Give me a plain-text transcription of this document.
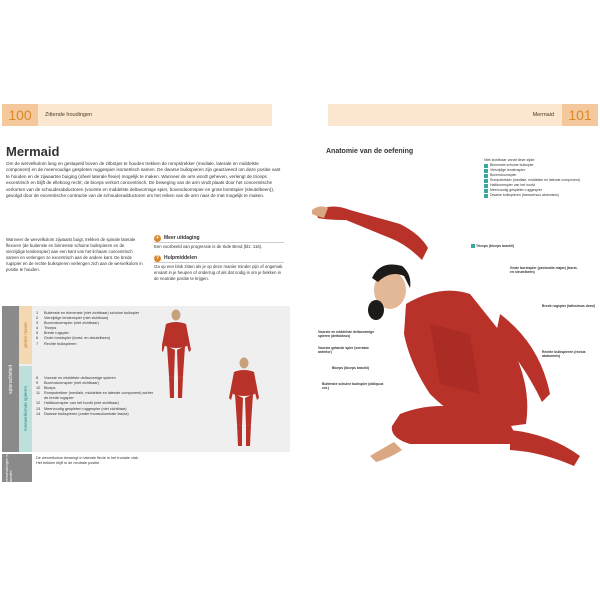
100	Zittende houdingen
Mermaid
Om de wervelkolom lang en gestapeld boven de zitbotjes te houden trekken de rompstrekker (mediale, laterale en middelste component) en de meervoudige gespleten ruggespier isometrisch samen. De dwarse buikspieren zijn geactiveerd om deze positie vast te houden en de zijwaartse buiging (ofwel laterale flexie) mogelijk te maken. Wanneer de arm wordt geheven, verlengt de triceps excentrisch en blijft de elleboog recht; de biceps verkort concentrisch. De beweging van de arm vindt plaats door het concentrische verkorten van de schouderabductoren (voorste en middelste deltavormige spier, bovendoornspier en grote borstspier (sleutelbeen)), gevolgd door de excentrische contractie van de schouderadductoren om het reiken van de arm naar de mat mogelijk te maken.
Wanneer de wervelkolom zijwaarts buigt, trekken de spinale laterale flexoren (de buitenste en binnenste schuine buikspieren en de vierzijdige lendenspier) aan een kant van het lichaam concentrisch samen en verlengen ze excentrisch aan de andere kant. De brede rugspier en de rechte buikspieren verlengen zich aan de wervelkolom in positie te houden.
+	Meer uitdaging
Een voorbeeld van progressie is de Side Bend (blz. 116).
? Hulpmiddelen
Ga op een blok zitten als je op deze manier minder pijn of ongemak ervaart in je heupen of onderrug of als dat nodig is om je bekken in de neutrale positie te krijgen.
spieractiviteit
prime mover
meewerkende spieren
verschuivingen in banden
1	Buitenste en binnenste (niet zichtbaar) schuine buikspier
2	Vierzijdige lendenspier (niet zichtbaar)
3	Bovendoornspier (niet zichtbaar)
4	Triceps
5	Brede rugspier
6	Grote borstspier (borst- en sleutelbeen)
7	Rechte buikspieren
8	Voorste en middelste deltavormige spieren
9	Bovendoornspier (niet zichtbaar)
10 Biceps
11	Rompstrekker (mediale, middelste en laterale component) achter de brede rugspier
12 Halfdoornspier van het hoofd (niet zichtbaar)
13 Meervoudig gespleten ruggespier (niet zichtbaar)
14 Dwarse buikspieren (onder thoracolumbale fascia)
De wervelkolom beweegt in laterale flexie in het frontale vlak.
Het bekken blijft in de neutrale positie.
101
Mermaid
Anatomie van de oefening
Niet zichtbaar vanaf deze zijde:
Binnenste schuine buikspier
Vierzijdige lendenspier
Bovendoornspier
Rompstrekker (mediale, middelste en laterale component)
Halfdoornspier van het hoofd
Meervoudig gespleten ruggespier
Dwarse buikspieren (transversus abdominis)
Triceps (triceps brachii)
Grote borstspier (pectoralis major) (borst- en sleutelbeen)
Brede rugspier (latissimus dorsi)
Voorste en middelste deltavormige spieren (deltoideus)
Voorste getande spier (serratus anterior)	Rechte buikspieren (rectus abdominis)
Biceps (biceps brachii)
Buitenste schuine buikspier (obliquus ext.)
